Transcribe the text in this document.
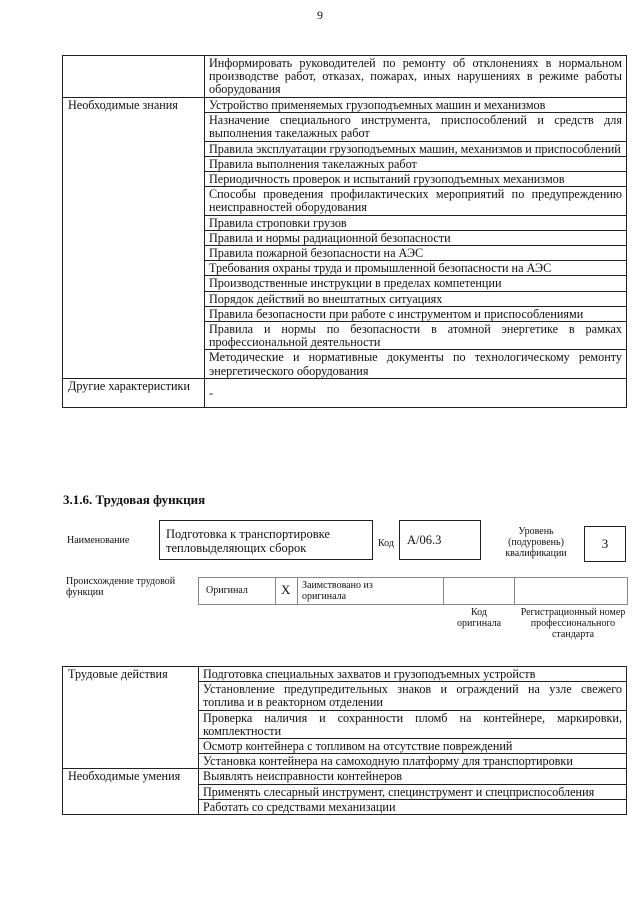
9
	Информировать руководителей по ремонту об отклонениях в нормальном производстве работ, отказах, пожарах, иных нарушениях в режиме работы оборудования
Необходимые знания	Устройство применяемых грузоподъемных машин и механизмов
	Назначение специального инструмента, приспособлений и средств для выполнения такелажных работ
	Правила эксплуатации грузоподъемных машин, механизмов и приспособлений
	Правила выполнения такелажных работ
	Периодичность проверок и испытаний грузоподъемных механизмов
	Способы проведения профилактических мероприятий по предупреждению неисправностей оборудования
	Правила строповки грузов
	Правила и нормы радиационной безопасности
	Правила пожарной безопасности на АЭС
	Требования охраны труда и промышленной безопасности на АЭС
	Производственные инструкции в пределах компетенции
	Порядок действий во внештатных ситуациях
	Правила безопасности при работе с инструментом и приспособлениями
	Правила и нормы по безопасности в атомной энергетике в рамках профессиональной деятельности
	Методические и нормативные документы по технологическому ремонту энергетического оборудования
Другие характеристики	-
3.1.6. Трудовая функция
Наименование	Подготовка к транспортировке тепловыделяющих сборок	Код А/06.3
Уровень (подуровень) квалификации
3
Происхождение трудовой функции	Оригинал	X Заимствовано из оригинала
Код оригинала
Регистрационный номер профессионального стандарта
Трудовые действия	Подготовка специальных захватов и грузоподъемных устройств
	Установление предупредительных знаков и ограждений на узле свежего топлива и в реакторном отделении
	Проверка наличия и сохранности пломб на контейнере, маркировки, комплектности
	Осмотр контейнера с топливом на отсутствие повреждений
	Установка контейнера на самоходную платформу для транспортировки
Необходимые умения	Выявлять неисправности контейнеров
	Применять слесарный инструмент, специнструмент и спецприспособления
	Работать со средствами механизации
